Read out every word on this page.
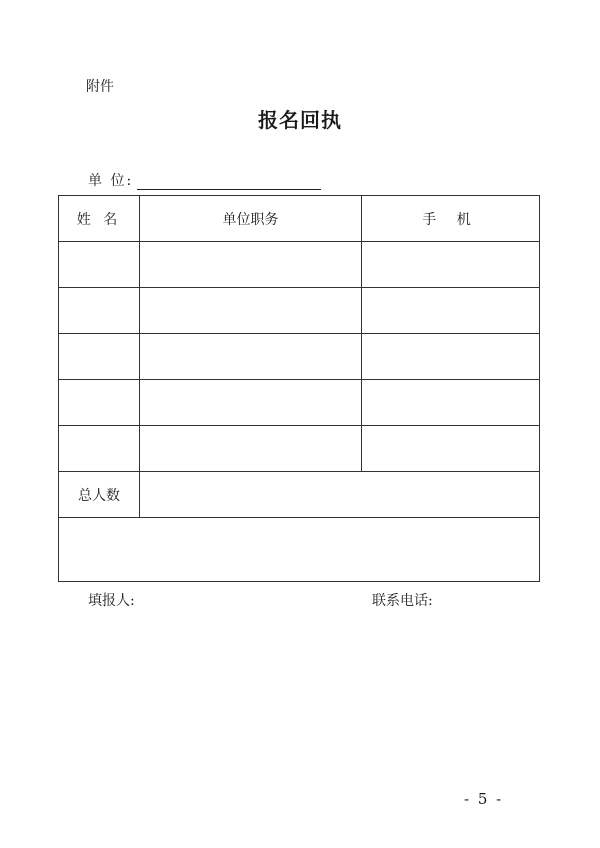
附件
报名回执
单 位:
姓 名	单位职务	手 机

总人数		

填报人:	联系电话:
- 5 -
